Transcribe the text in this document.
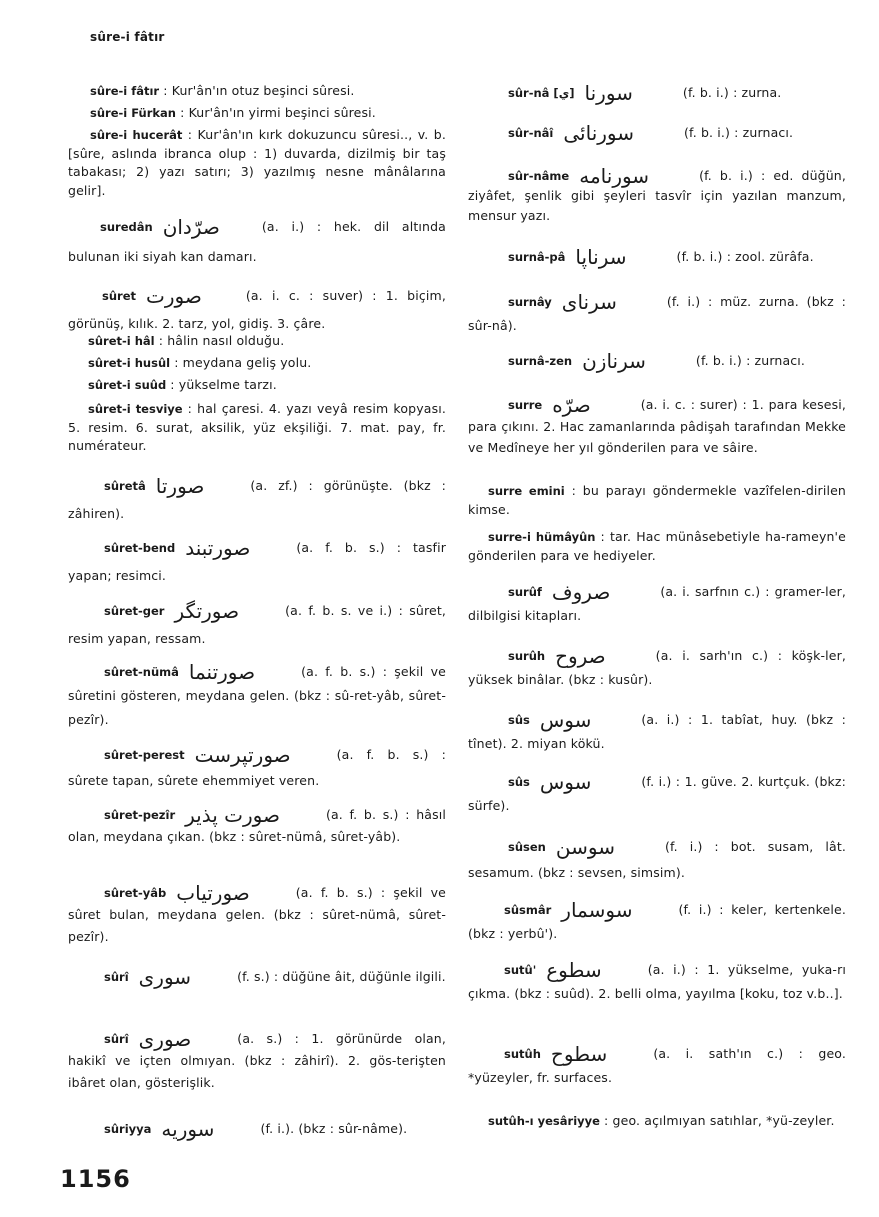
sûre-i fâtır
sûre-i fâtır : Kur'ân'ın otuz beşinci sûresi.
sûre-i Fürkan : Kur'ân'ın yirmi beşinci sûresi.
sûre-i hucerât : Kur'ân'ın kırk dokuzuncu sûresi.., v. b. [sûre, aslında ibranca olup : 1) duvarda, dizilmiş bir taş tabakası; 2) yazı satırı; 3) yazılmış nesne mânâlarına gelir].
suredân صرّدان	(a. i.) : hek. dil altında bulunan iki siyah kan damarı.
sûret صورت	(a. i. c. : suver) : 1. biçim, görünüş, kılık. 2. tarz, yol, gidiş. 3. çâre.
sûret-i hâl : hâlin nasıl olduğu.
sûret-i husûl : meydana geliş yolu.
sûret-i suûd : yükselme tarzı.
sûret-i tesviye : hal çaresi. 4. yazı veyâ resim kopyası. 5. resim. 6. surat, aksilik, yüz ekşiliği. 7. mat. pay, fr. numérateur.
sûretâ صورتا	(a. zf.) : görünüşte. (bkz : zâhiren).
sûret-bend صورتبند	(a. f. b. s.) : tasfir yapan; resimci.
sûret-ger صورتگر	(a. f. b. s. ve i.) : sûret, resim yapan, ressam.
sûret-nümâ صورتنما	(a. f. b. s.) : şekil ve sûretini gösteren, meydana gelen. (bkz : sû-ret-yâb, sûret-pezîr).
sûret-perest صورتپرست	(a. f. b. s.) : sûrete tapan, sûrete ehemmiyet veren.
sûret-pezîr صورت پذیر	(a. f. b. s.) : hâsıl olan, meydana çıkan. (bkz : sûret-nümâ, sûret-yâb).
sûret-yâb صورتیاب	(a. f. b. s.) : şekil ve sûret bulan, meydana gelen. (bkz : sûret-nümâ, sûret-pezîr).
sûrî سوری	(f. s.) : düğüne âit, düğünle ilgili.
sûrî صوری	(a. s.) : 1. görünürde olan, hakikî ve içten olmıyan. (bkz : zâhirî). 2. gös-terişten ibâret olan, gösterişlik.
sûriyya سوریه	(f. i.). (bkz : sûr-nâme).
sûr-nâ [ي] سورنا	(f. b. i.) : zurna.
sûr-nâî سورنائی	(f. b. i.) : zurnacı.
sûr-nâme سورنامه	(f. b. i.) : ed. düğün, ziyâfet, şenlik gibi şeyleri tasvîr için yazılan manzum, mensur yazı.
surnâ-pâ سرناپا	(f. b. i.) : zool. zürâfa.
surnây سرنای	(f. i.) : müz. zurna. (bkz : sûr-nâ).
surnâ-zen سرنازن	(f. b. i.) : zurnacı.
surre صرّه	(a. i. c. : surer) : 1. para kesesi, para çıkını. 2. Hac zamanlarında pâdişah tarafından Mekke ve Medîneye her yıl gönderilen para ve sâire.
surre emini : bu parayı göndermekle vazîfelen-dirilen kimse.
surre-i hümâyûn : tar. Hac münâsebetiyle ha-rameyn'e gönderilen para ve hediyeler.
surûf صروف	(a. i. sarfnın c.) : gramer-ler, dilbilgisi kitapları.
surûh صروح	(a. i. sarh'ın c.) : köşk-ler, yüksek binâlar. (bkz : kusûr).
sûs سوس	(a. i.) : 1. tabîat, huy. (bkz : tînet). 2. miyan kökü.
sûs سوس	(f. i.) : 1. güve. 2. kurtçuk. (bkz: sürfe).
sûsen سوسن	(f. i.) : bot. susam, lât. sesamum. (bkz : sevsen, simsim).
sûsmâr سوسمار	(f. i.) : keler, kertenkele. (bkz : yerbû').
sutû' سطوع	(a. i.) : 1. yükselme, yuka-rı çıkma. (bkz : suûd). 2. belli olma, yayılma [koku, toz v.b..].
sutûh سطوح	(a. i. sath'ın c.) : geo. *yüzeyler, fr. surfaces.
sutûh-ı yesâriyye : geo. açılmıyan satıhlar, *yü-zeyler.
1156
